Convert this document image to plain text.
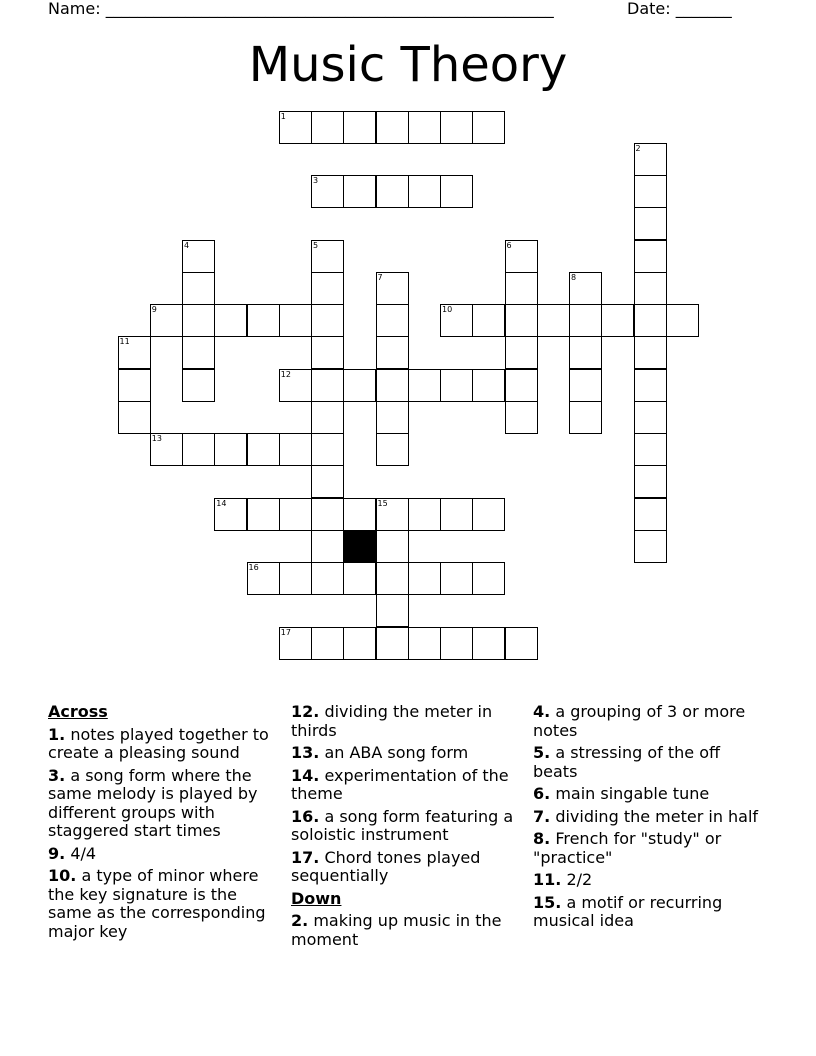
Name: ________________________________________________________	Date: _______
Music Theory
1
3
9	10
12
13
14	15
16
17
2
4	5	6
7	8
11
Across
1. notes played together to create a pleasing sound
3. a song form where the same melody is played by different groups with staggered start times
9. 4/4
10. a type of minor where the key signature is the same as the corresponding major key
12. dividing the meter in thirds
13. an ABA song form
14. experimentation of the theme
16. a song form featuring a soloistic instrument
17. Chord tones played sequentially
Down
2. making up music in the moment
4. a grouping of 3 or more notes
5. a stressing of the off beats
6. main singable tune
7. dividing the meter in half
8. French for "study" or "practice"
11. 2/2
15. a motif or recurring musical idea
